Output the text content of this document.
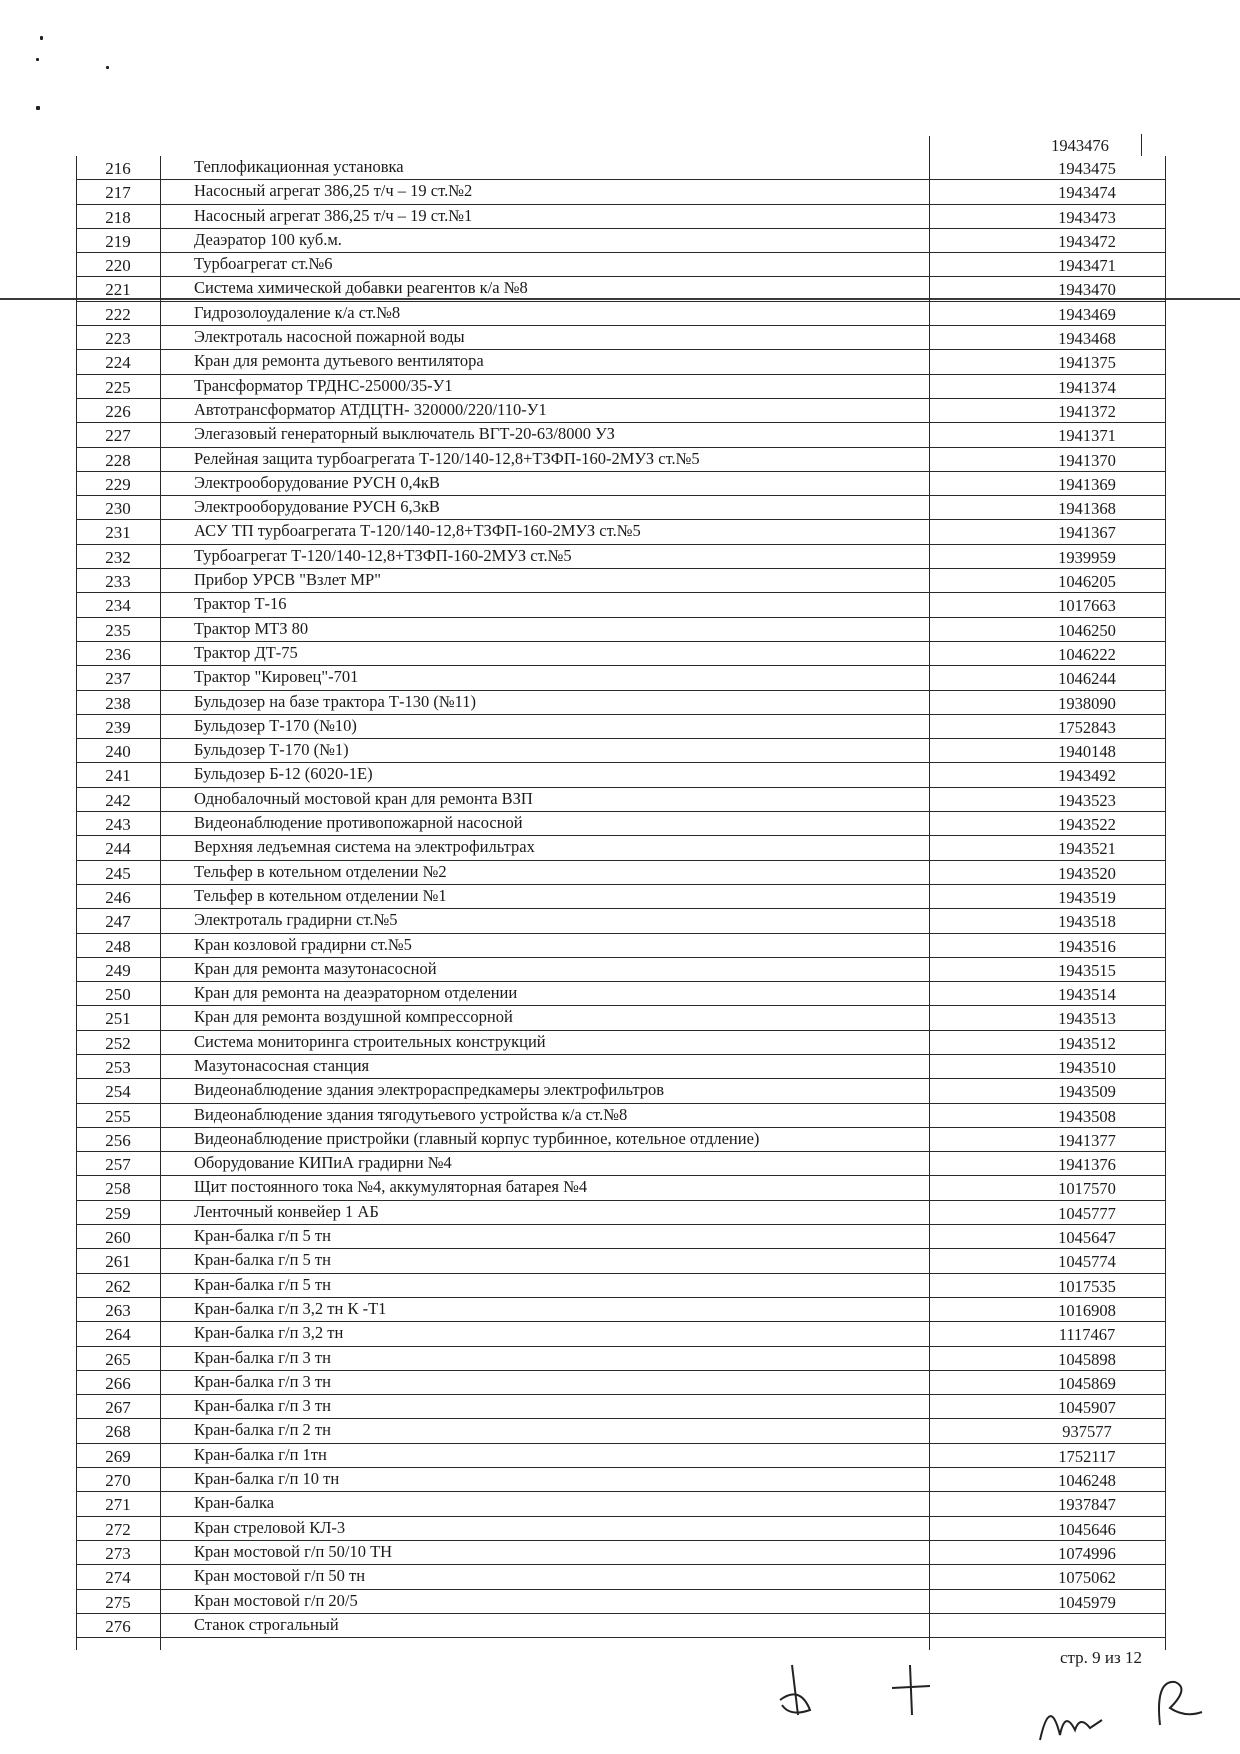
1943476
216	Теплофикационная установка	1943475
217	Насосный агрегат 386,25 т/ч – 19 ст.№2	1943474
218	Насосный агрегат 386,25 т/ч – 19 ст.№1	1943473
219	Деаэратор 100 куб.м.	1943472
220	Турбоагрегат ст.№6	1943471
221	Система химической добавки реагентов к/а №8	1943470
222	Гидрозолоудаление к/а ст.№8	1943469
223	Электроталь насосной пожарной воды	1943468
224	Кран для ремонта дутьевого вентилятора	1941375
225	Трансформатор ТРДНС-25000/35-У1	1941374
226	Автотрансформатор АТДЦТН- 320000/220/110-У1	1941372
227	Элегазовый генераторный выключатель ВГТ-20-63/8000 УЗ	1941371
228	Релейная защита турбоагрегата Т-120/140-12,8+ТЗФП-160-2МУЗ ст.№5	1941370
229	Электрооборудование РУСН 0,4кВ	1941369
230	Электрооборудование РУСН 6,3кВ	1941368
231	АСУ ТП турбоагрегата Т-120/140-12,8+ТЗФП-160-2МУЗ ст.№5	1941367
232	Турбоагрегат Т-120/140-12,8+ТЗФП-160-2МУЗ ст.№5	1939959
233	Прибор УРСВ "Взлет МР"	1046205
234	Трактор Т-16	1017663
235	Трактор МТЗ 80	1046250
236	Трактор ДТ-75	1046222
237	Трактор "Кировец"-701	1046244
238	Бульдозер на базе трактора Т-130 (№11)	1938090
239	Бульдозер Т-170 (№10)	1752843
240	Бульдозер Т-170 (№1)	1940148
241	Бульдозер Б-12 (6020-1Е)	1943492
242	Однобалочный мостовой кран для ремонта ВЗП	1943523
243	Видеонаблюдение противопожарной насосной	1943522
244	Верхняя ледъемная система на электрофильтрах	1943521
245	Тельфер в котельном отделении №2	1943520
246	Тельфер в котельном отделении №1	1943519
247	Электроталь градирни ст.№5	1943518
248	Кран козловой градирни ст.№5	1943516
249	Кран для ремонта мазутонасосной	1943515
250	Кран для ремонта на деаэраторном отделении	1943514
251	Кран для ремонта воздушной компрессорной	1943513
252	Система мониторинга строительных конструкций	1943512
253	Мазутонасосная станция	1943510
254	Видеонаблюдение здания электрораспредкамеры электрофильтров	1943509
255	Видеонаблюдение здания тягодутьевого устройства к/а ст.№8	1943508
256	Видеонаблюдение пристройки (главный корпус турбинное, котельное отдление)	1941377
257	Оборудование КИПиА градирни №4	1941376
258	Щит постоянного тока №4, аккумуляторная батарея №4	1017570
259	Ленточный конвейер 1 АБ	1045777
260	Кран-балка г/п 5 тн	1045647
261	Кран-балка г/п 5 тн	1045774
262	Кран-балка г/п 5 тн	1017535
263	Кран-балка г/п 3,2 тн К -Т1	1016908
264	Кран-балка г/п 3,2 тн	1117467
265	Кран-балка г/п 3 тн	1045898
266	Кран-балка г/п 3 тн	1045869
267	Кран-балка г/п 3 тн	1045907
268	Кран-балка г/п 2 тн	937577
269	Кран-балка г/п 1тн	1752117
270	Кран-балка г/п 10 тн	1046248
271	Кран-балка	1937847
272	Кран стреловой КЛ-3	1045646
273	Кран мостовой г/п 50/10 ТН	1074996
274	Кран мостовой г/п 50 тн	1075062
275	Кран мостовой г/п 20/5	1045979
276	Станок строгальный
стр. 9 из 12
